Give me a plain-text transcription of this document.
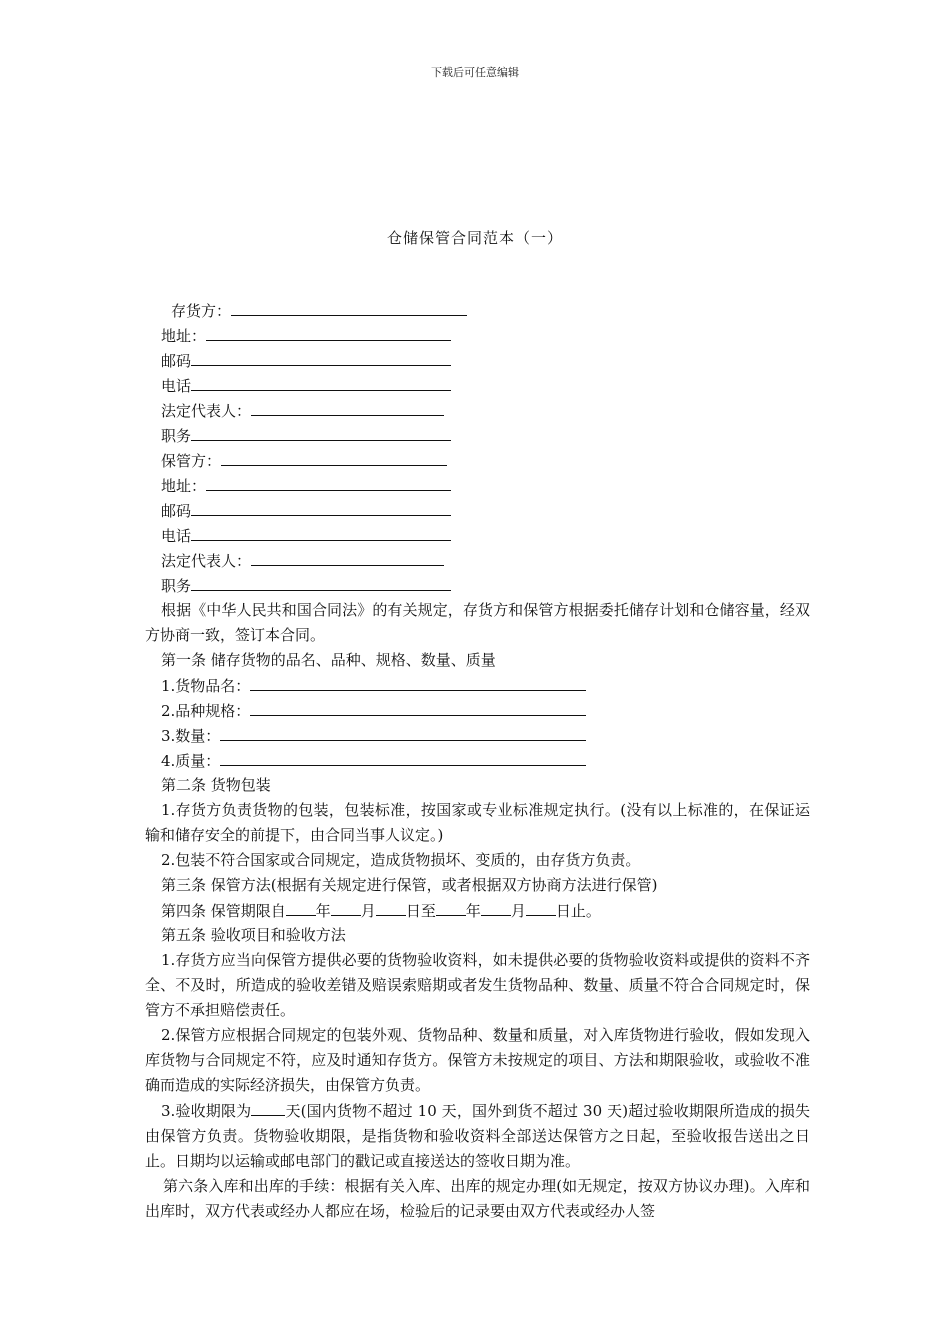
下载后可任意编辑
仓储保管合同范本（一）
存货方：
地址：
邮码
电话
法定代表人：
职务
保管方：
地址：
邮码
电话
法定代表人：
职务
根据《中华人民共和国合同法》的有关规定，存货方和保管方根据委托储存计划和仓储容量，经双方协商一致，签订本合同。
第一条 储存货物的品名、品种、规格、数量、质量
1.货物品名：
2.品种规格：
3.数量：
4.质量：
第二条 货物包装
1.存货方负责货物的包装，包装标准，按国家或专业标准规定执行。(没有以上标准的，在保证运输和储存安全的前提下，由合同当事人议定。)
2.包装不符合国家或合同规定，造成货物损坏、变质的，由存货方负责。
第三条 保管方法(根据有关规定进行保管，或者根据双方协商方法进行保管)
第四条 保管期限自 年 月 日至 年 月 日止。
第五条 验收项目和验收方法
1.存货方应当向保管方提供必要的货物验收资料，如未提供必要的货物验收资料或提供的资料不齐全、不及时，所造成的验收差错及赔误索赔期或者发生货物品种、数量、质量不符合合同规定时，保管方不承担赔偿责任。
2.保管方应根据合同规定的包装外观、货物品种、数量和质量，对入库货物进行验收，假如发现入库货物与合同规定不符，应及时通知存货方。保管方未按规定的项目、方法和期限验收，或验收不准确而造成的实际经济损失，由保管方负责。
3.验收期限为 天(国内货物不超过 10 天，国外到货不超过 30 天)超过验收期限所造成的损失由保管方负责。货物验收期限，是指货物和验收资料全部送达保管方之日起，至验收报告送出之日止。日期均以运输或邮电部门的戳记或直接送达的签收日期为准。
第六条入库和出库的手续：根据有关入库、出库的规定办理(如无规定，按双方协议办理)。入库和出库时，双方代表或经办人都应在场，检验后的记录要由双方代表或经办人签
